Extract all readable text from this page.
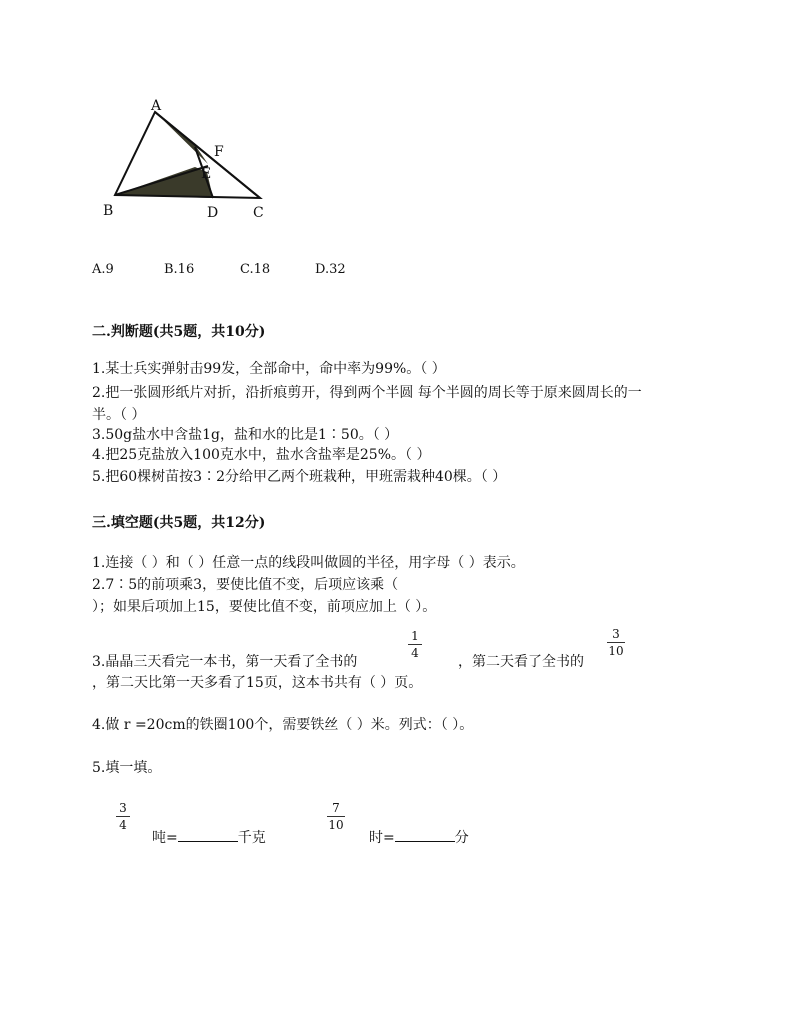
A
B	C
D
E
F
A.9	B.16	C.18	D.32
二.判断题(共5题，共10分)
1.某士兵实弹射击99发，全部命中，命中率为99%。（ ）
2.把一张圆形纸片对折，沿折痕剪开，得到两个半圆 每个半圆的周长等于原来圆周长的一
半。（ ）
3.50g盐水中含盐1g，盐和水的比是1∶50。（ ）
4.把25克盐放入100克水中，盐水含盐率是25%。（ ）
5.把60棵树苗按3∶2分给甲乙两个班栽种，甲班需栽种40棵。（ ）
三.填空题(共5题，共12分)
1.连接（ ）和（ ）任意一点的线段叫做圆的半径，用字母（ ）表示。
2.7∶5的前项乘3，要使比值不变，后项应该乘（
）；如果后项加上15，要使比值不变，前项应加上（ ）。
1
4
3
10
3.晶晶三天看完一本书，第一天看了全书的	，第二天看了全书的
，第二天比第一天多看了15页，这本书共有（ ）页。
4.做 r =20cm的铁圈100个，需要铁丝（ ）米。列式：（ ）。
5.填一填。
3
4
吨=	千克
7
10
时=	分
